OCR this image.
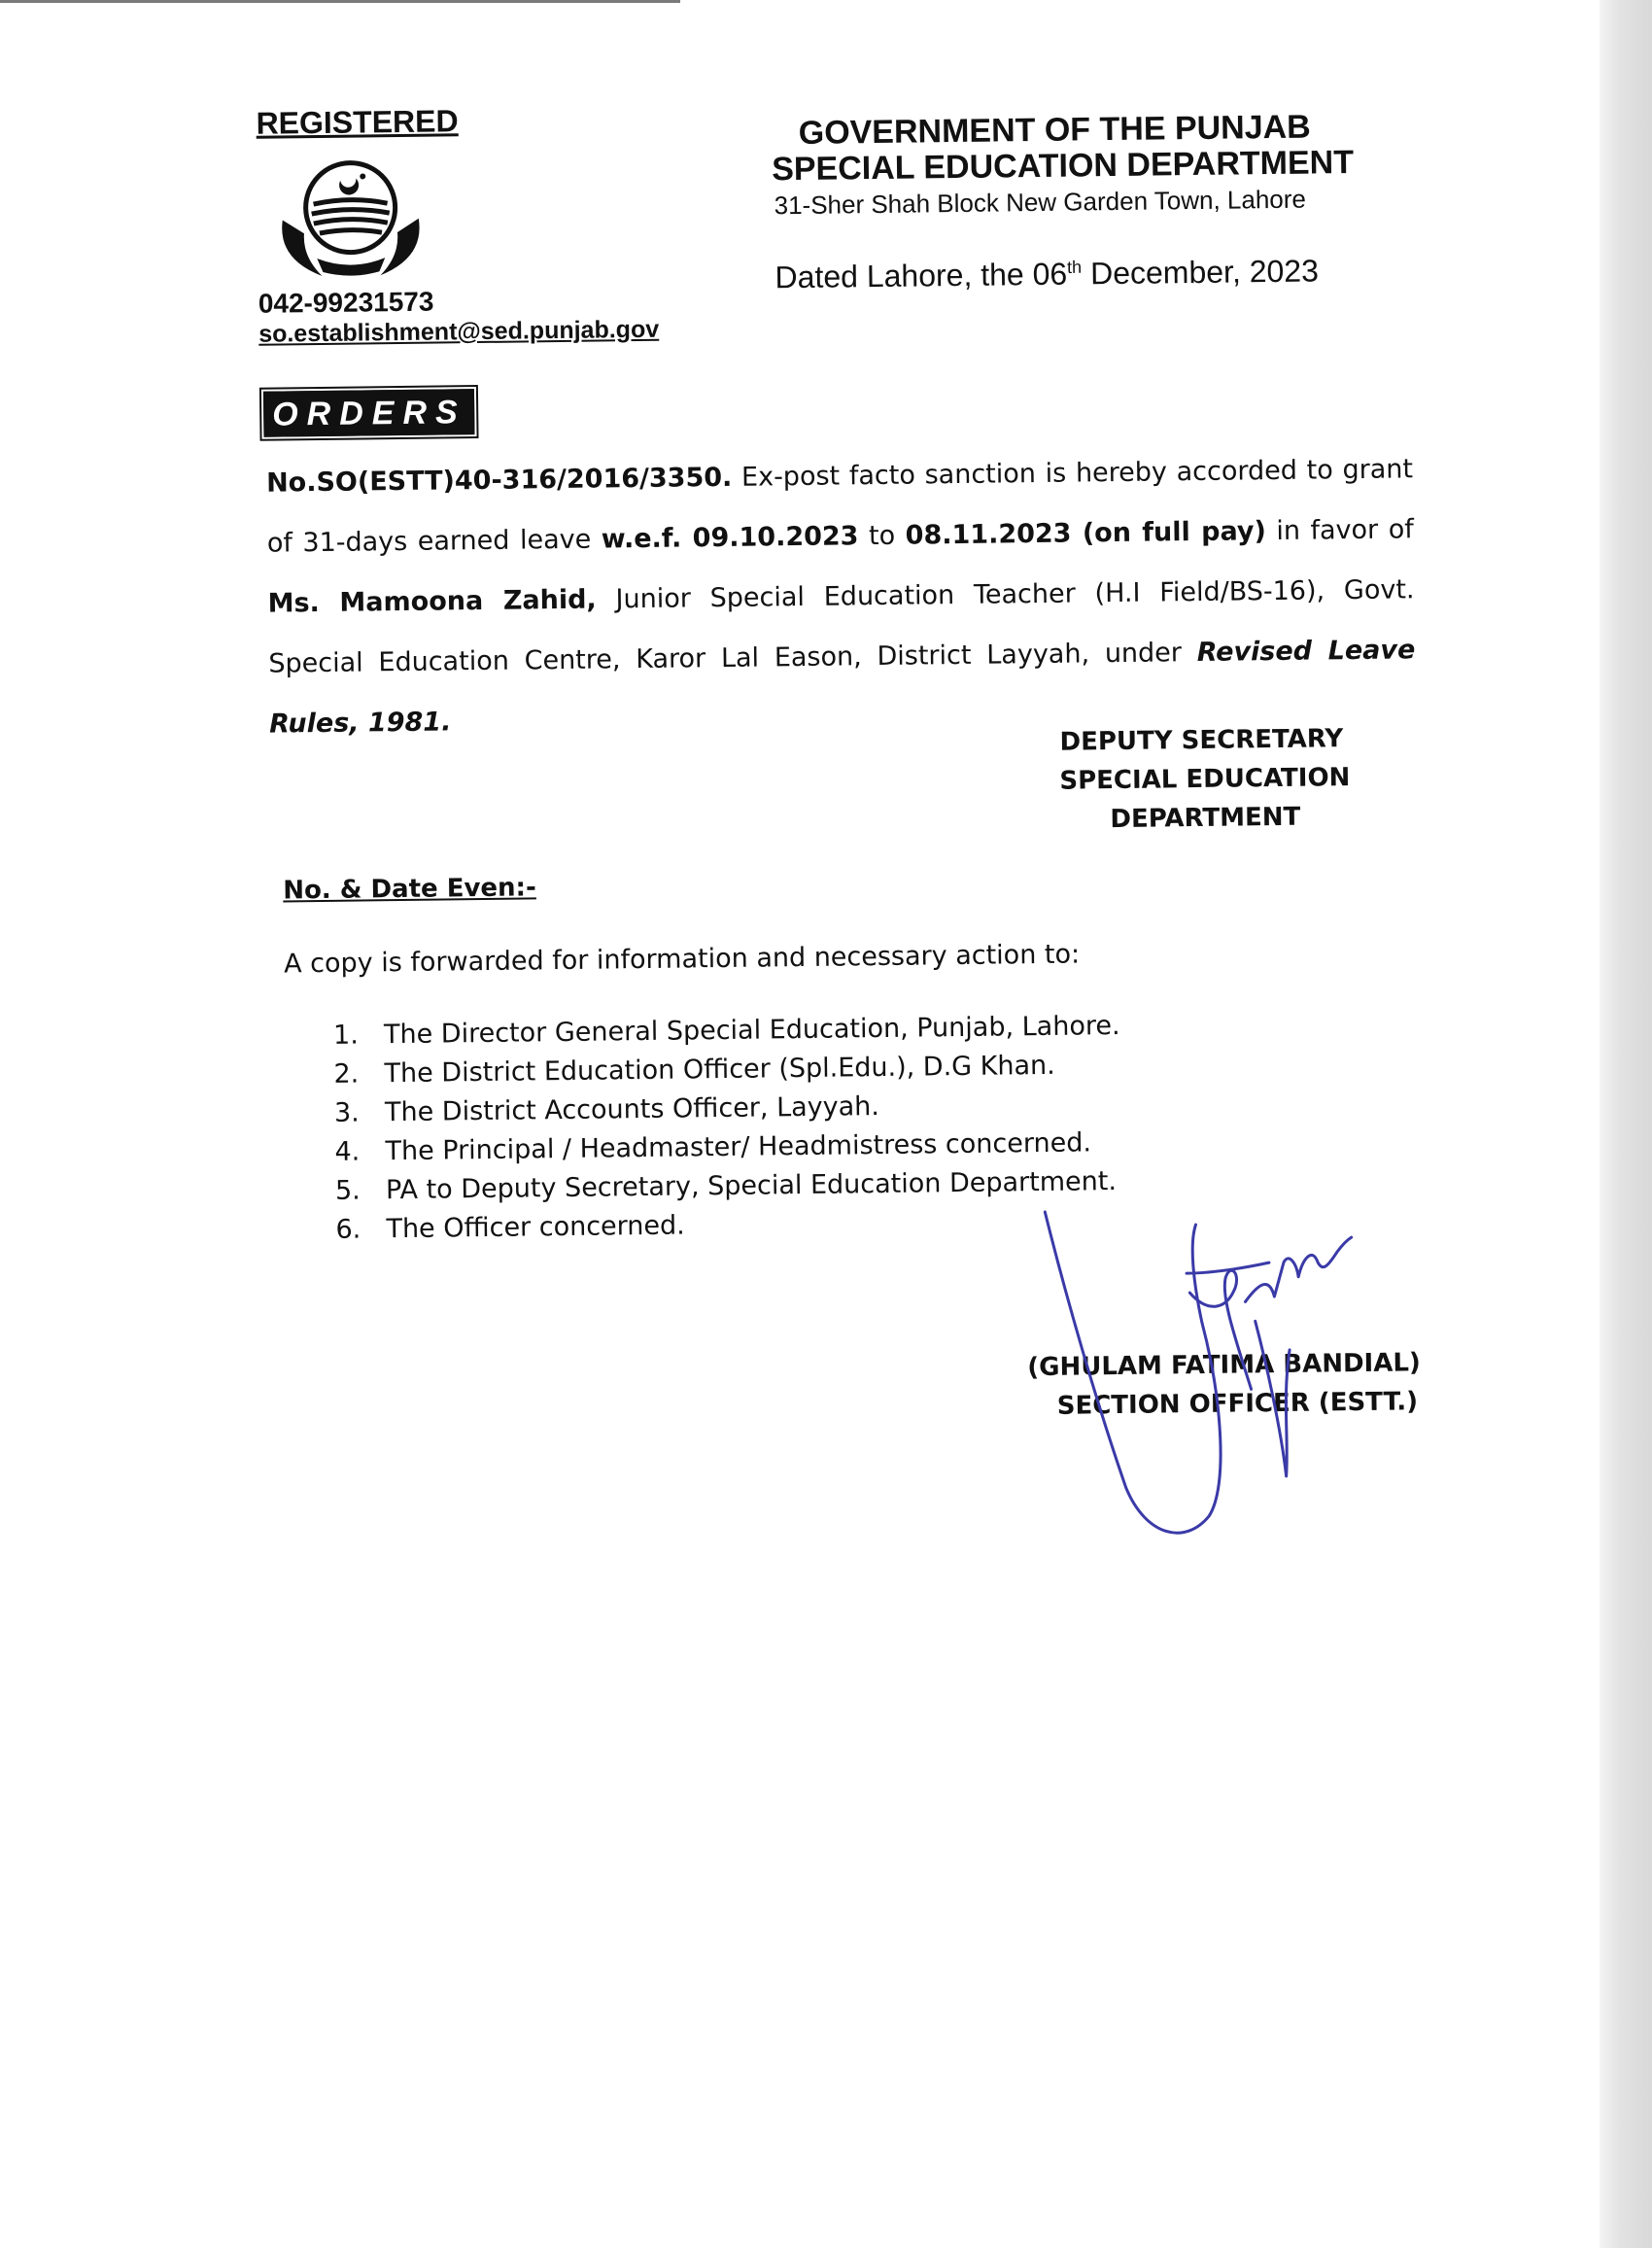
REGISTERED
042-99231573
so.establishment@sed.punjab.gov
GOVERNMENT OF THE PUNJAB
SPECIAL EDUCATION DEPARTMENT
31-Sher Shah Block New Garden Town, Lahore
Dated Lahore, the 06th December, 2023
ORDERS
No.SO(ESTT)40-316/2016/3350. Ex-post facto sanction is hereby accorded to grant of 31-days earned leave w.e.f. 09.10.2023 to 08.11.2023 (on full pay) in favor of Ms. Mamoona Zahid, Junior Special Education Teacher (H.I Field/BS-16), Govt. Special Education Centre, Karor Lal Eason, District Layyah, under Revised Leave Rules, 1981.
DEPUTY SECRETARY
SPECIAL EDUCATION
DEPARTMENT
No. & Date Even:-
A copy is forwarded for information and necessary action to:
1. The Director General Special Education, Punjab, Lahore.
2. The District Education Officer (Spl.Edu.), D.G Khan.
3. The District Accounts Officer, Layyah.
4. The Principal / Headmaster/ Headmistress concerned.
5. PA to Deputy Secretary, Special Education Department.
6. The Officer concerned.
(GHULAM FATIMA BANDIAL)
SECTION OFFICER (ESTT.)
